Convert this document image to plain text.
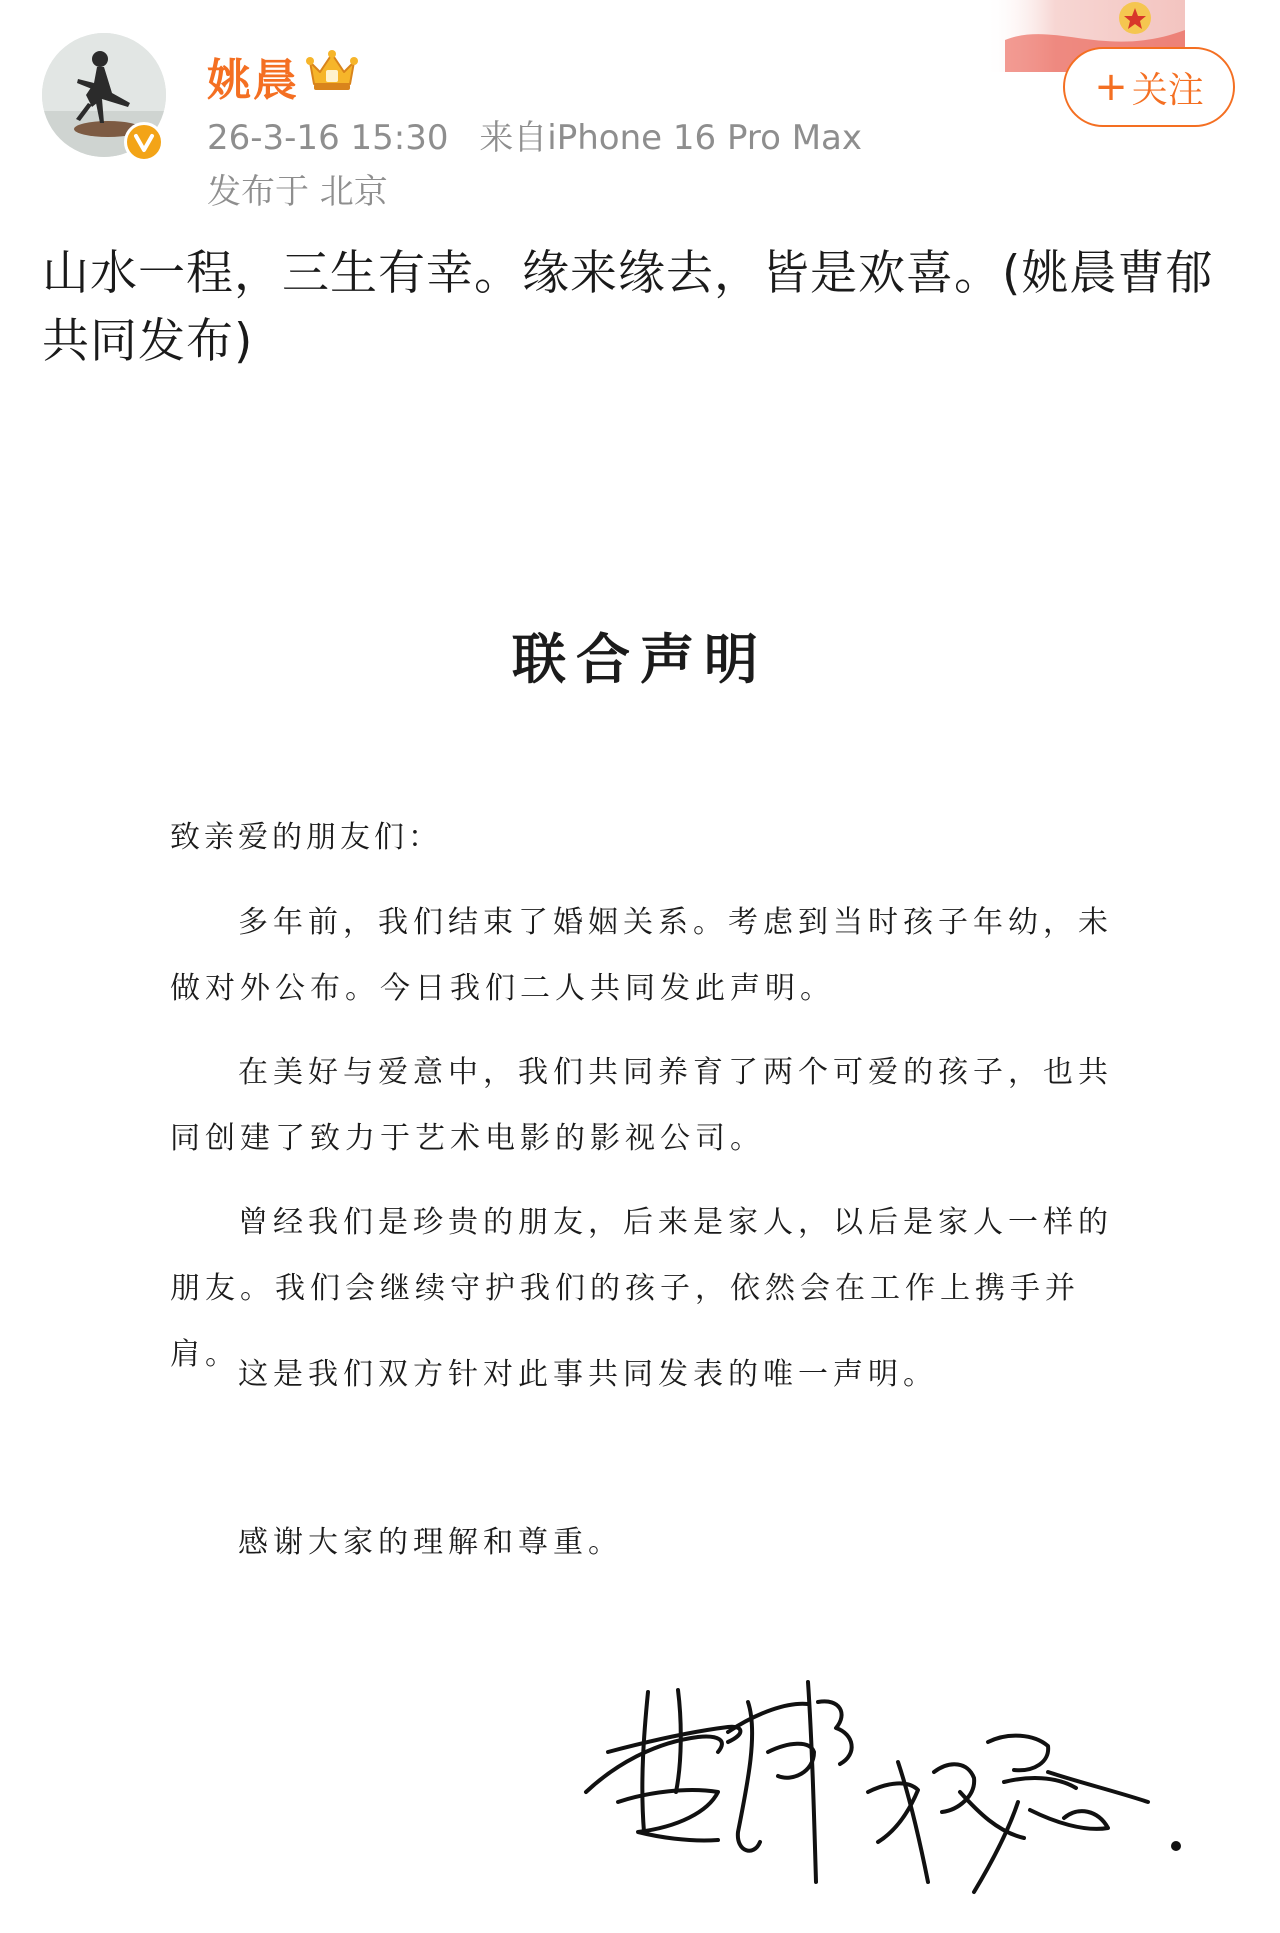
姚晨
26-3-16 15:30 来自iPhone 16 Pro Max
发布于 北京
+ 关注
山水一程，三生有幸。缘来缘去，皆是欢喜。(姚晨曹郁共同发布)
联合声明
致亲爱的朋友们：
多年前，我们结束了婚姻关系。考虑到当时孩子年幼，未做对外公布。今日我们二人共同发此声明。
在美好与爱意中，我们共同养育了两个可爱的孩子，也共同创建了致力于艺术电影的影视公司。
曾经我们是珍贵的朋友，后来是家人，以后是家人一样的朋友。我们会继续守护我们的孩子，依然会在工作上携手并肩。
这是我们双方针对此事共同发表的唯一声明。
感谢大家的理解和尊重。
